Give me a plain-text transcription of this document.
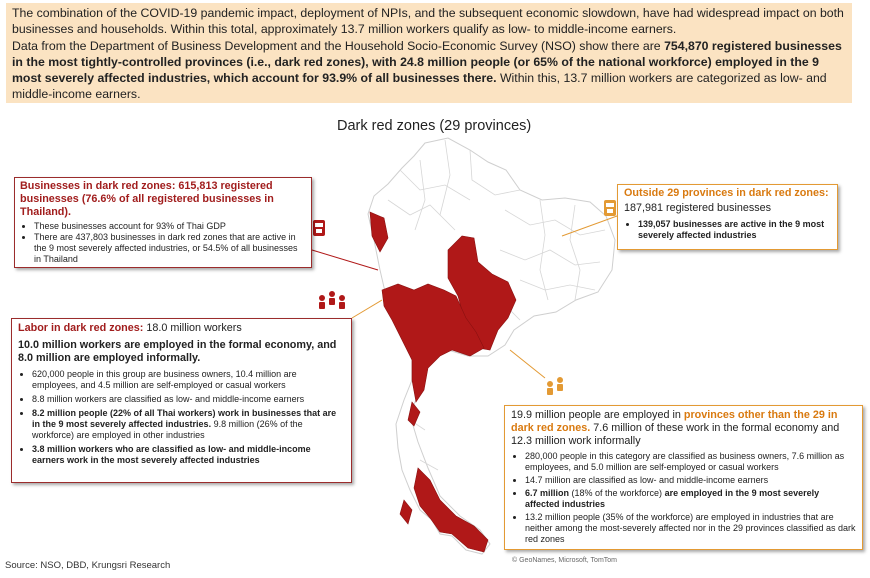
The combination of the COVID-19 pandemic impact, deployment of NPIs, and the subsequent economic slowdown, have had widespread impact on both businesses and households. Within this total, approximately 13.7 million workers qualify as low- to middle-income earners.

Data from the Department of Business Development and the Household Socio-Economic Survey (NSO) show there are 754,870 registered businesses in the most tightly-controlled provinces (i.e., dark red zones), with 24.8 million people (or 65% of the national workforce) employed in the 9 most severely affected industries, which account for 93.9% of all businesses there. Within this, 13.7 million workers are categorized as low- and middle-income earners.

Dark red zones (29 provinces)
Businesses in dark red zones: 615,813 registered businesses (76.6% of all registered businesses in Thailand).
• These businesses account for 93% of Thai GDP
• There are 437,803 businesses in dark red zones that are active in the 9 most severely affected industries, or 54.5% of all businesses in Thailand
Outside 29 provinces in dark red zones:
187,981 registered businesses
• 139,057 businesses are active in the 9 most severely affected industries
Labor in dark red zones: 18.0 million workers
10.0 million workers are employed in the formal economy, and 8.0 million are employed informally.
• 620,000 people in this group are business owners, 10.4 million are employees, and 4.5 million are self-employed or casual workers
• 8.8 million workers are classified as low- and middle-income earners
• 8.2 million people (22% of all Thai workers) work in businesses that are in the 9 most severely affected industries. 9.8 million (26% of the workforce) are employed in other industries
• 3.8 million workers who are classified as low- and middle-income earners work in the most severely affected industries
19.9 million people are employed in provinces other than the 29 in dark red zones. 7.6 million of these work in the formal economy and 12.3 million work informally
• 280,000 people in this category are classified as business owners, 7.6 million as employees, and 5.0 million are self-employed or casual workers
• 14.7 million are classified as low- and middle-income earners
• 6.7 million (18% of the workforce) are employed in the 9 most severely affected industries
• 13.2 million people (35% of the workforce) are employed in industries that are neither among the most-severely affected nor in the 29 provinces classified as dark red zones
© GeoNames, Microsoft, TomTom
Source: NSO, DBD, Krungsri Research
